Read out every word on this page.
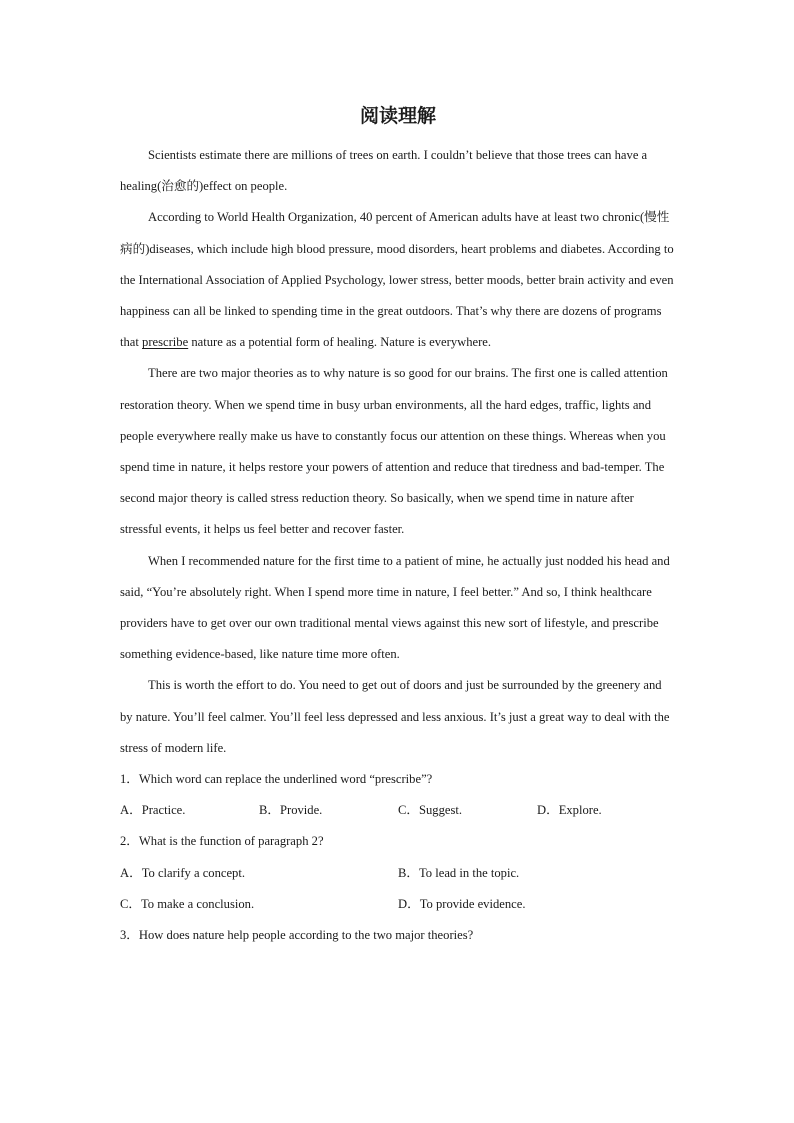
阅读理解

Scientists estimate there are millions of trees on earth. I couldn’t believe that those trees can have a healing(治愈的)effect on people.

According to World Health Organization, 40 percent of American adults have at least two chronic(慢性病的)diseases, which include high blood pressure, mood disorders, heart problems and diabetes. According to the International Association of Applied Psychology, lower stress, better moods, better brain activity and even happiness can all be linked to spending time in the great outdoors. That’s why there are dozens of programs that prescribe nature as a potential form of healing. Nature is everywhere.

There are two major theories as to why nature is so good for our brains. The first one is called attention restoration theory. When we spend time in busy urban environments, all the hard edges, traffic, lights and people everywhere really make us have to constantly focus our attention on these things. Whereas when you spend time in nature, it helps restore your powers of attention and reduce that tiredness and bad-temper. The second major theory is called stress reduction theory. So basically, when we spend time in nature after stressful events, it helps us feel better and recover faster.

When I recommended nature for the first time to a patient of mine, he actually just nodded his head and said, “You’re absolutely right. When I spend more time in nature, I feel better.” And so, I think healthcare providers have to get over our own traditional mental views against this new sort of lifestyle, and prescribe something evidence-based, like nature time more often.

This is worth the effort to do. You need to get out of doors and just be surrounded by the greenery and by nature. You’ll feel calmer. You’ll feel less depressed and less anxious. It’s just a great way to deal with the stress of modern life.

1．Which word can replace the underlined word “prescribe”?

A．Practice.	B．Provide.	C．Suggest.	D．Explore.

2．What is the function of paragraph 2?

A．To clarify a concept.	B．To lead in the topic.
C．To make a conclusion.	D．To provide evidence.

3．How does nature help people according to the two major theories?
